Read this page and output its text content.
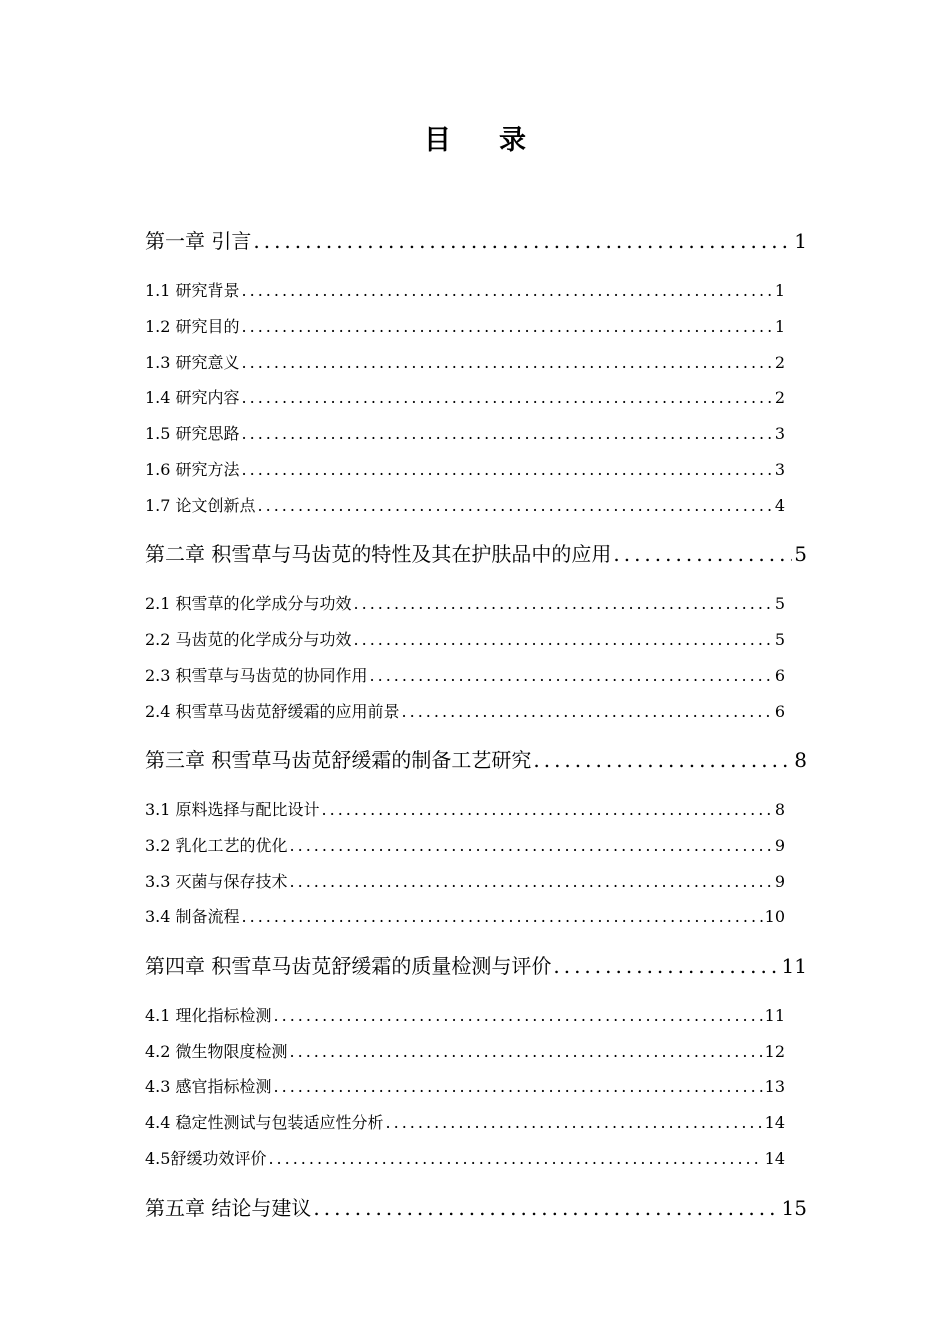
目 录
第一章 引言 .....	1
1.1 研究背景 .....	1
1.2 研究目的 .....	1
1.3 研究意义 .....	2
1.4 研究内容 .....	2
1.5 研究思路 .....	3
1.6 研究方法 .....	3
1.7 论文创新点 .....	4
第二章 积雪草与马齿苋的特性及其在护肤品中的应用 .....	5
2.1 积雪草的化学成分与功效 .....	5
2.2 马齿苋的化学成分与功效 .....	5
2.3 积雪草与马齿苋的协同作用 .....	6
2.4 积雪草马齿苋舒缓霜的应用前景 .....	6
第三章 积雪草马齿苋舒缓霜的制备工艺研究 .....	8
3.1 原料选择与配比设计 .....	8
3.2 乳化工艺的优化 .....	9
3.3 灭菌与保存技术 .....	9
3.4 制备流程 .....	10
第四章 积雪草马齿苋舒缓霜的质量检测与评价 .....	11
4.1 理化指标检测 .....	11
4.2 微生物限度检测 .....	12
4.3 感官指标检测 .....	13
4.4 稳定性测试与包装适应性分析 .....	14
4.5舒缓功效评价 .....	14
第五章 结论与建议 .....	15
